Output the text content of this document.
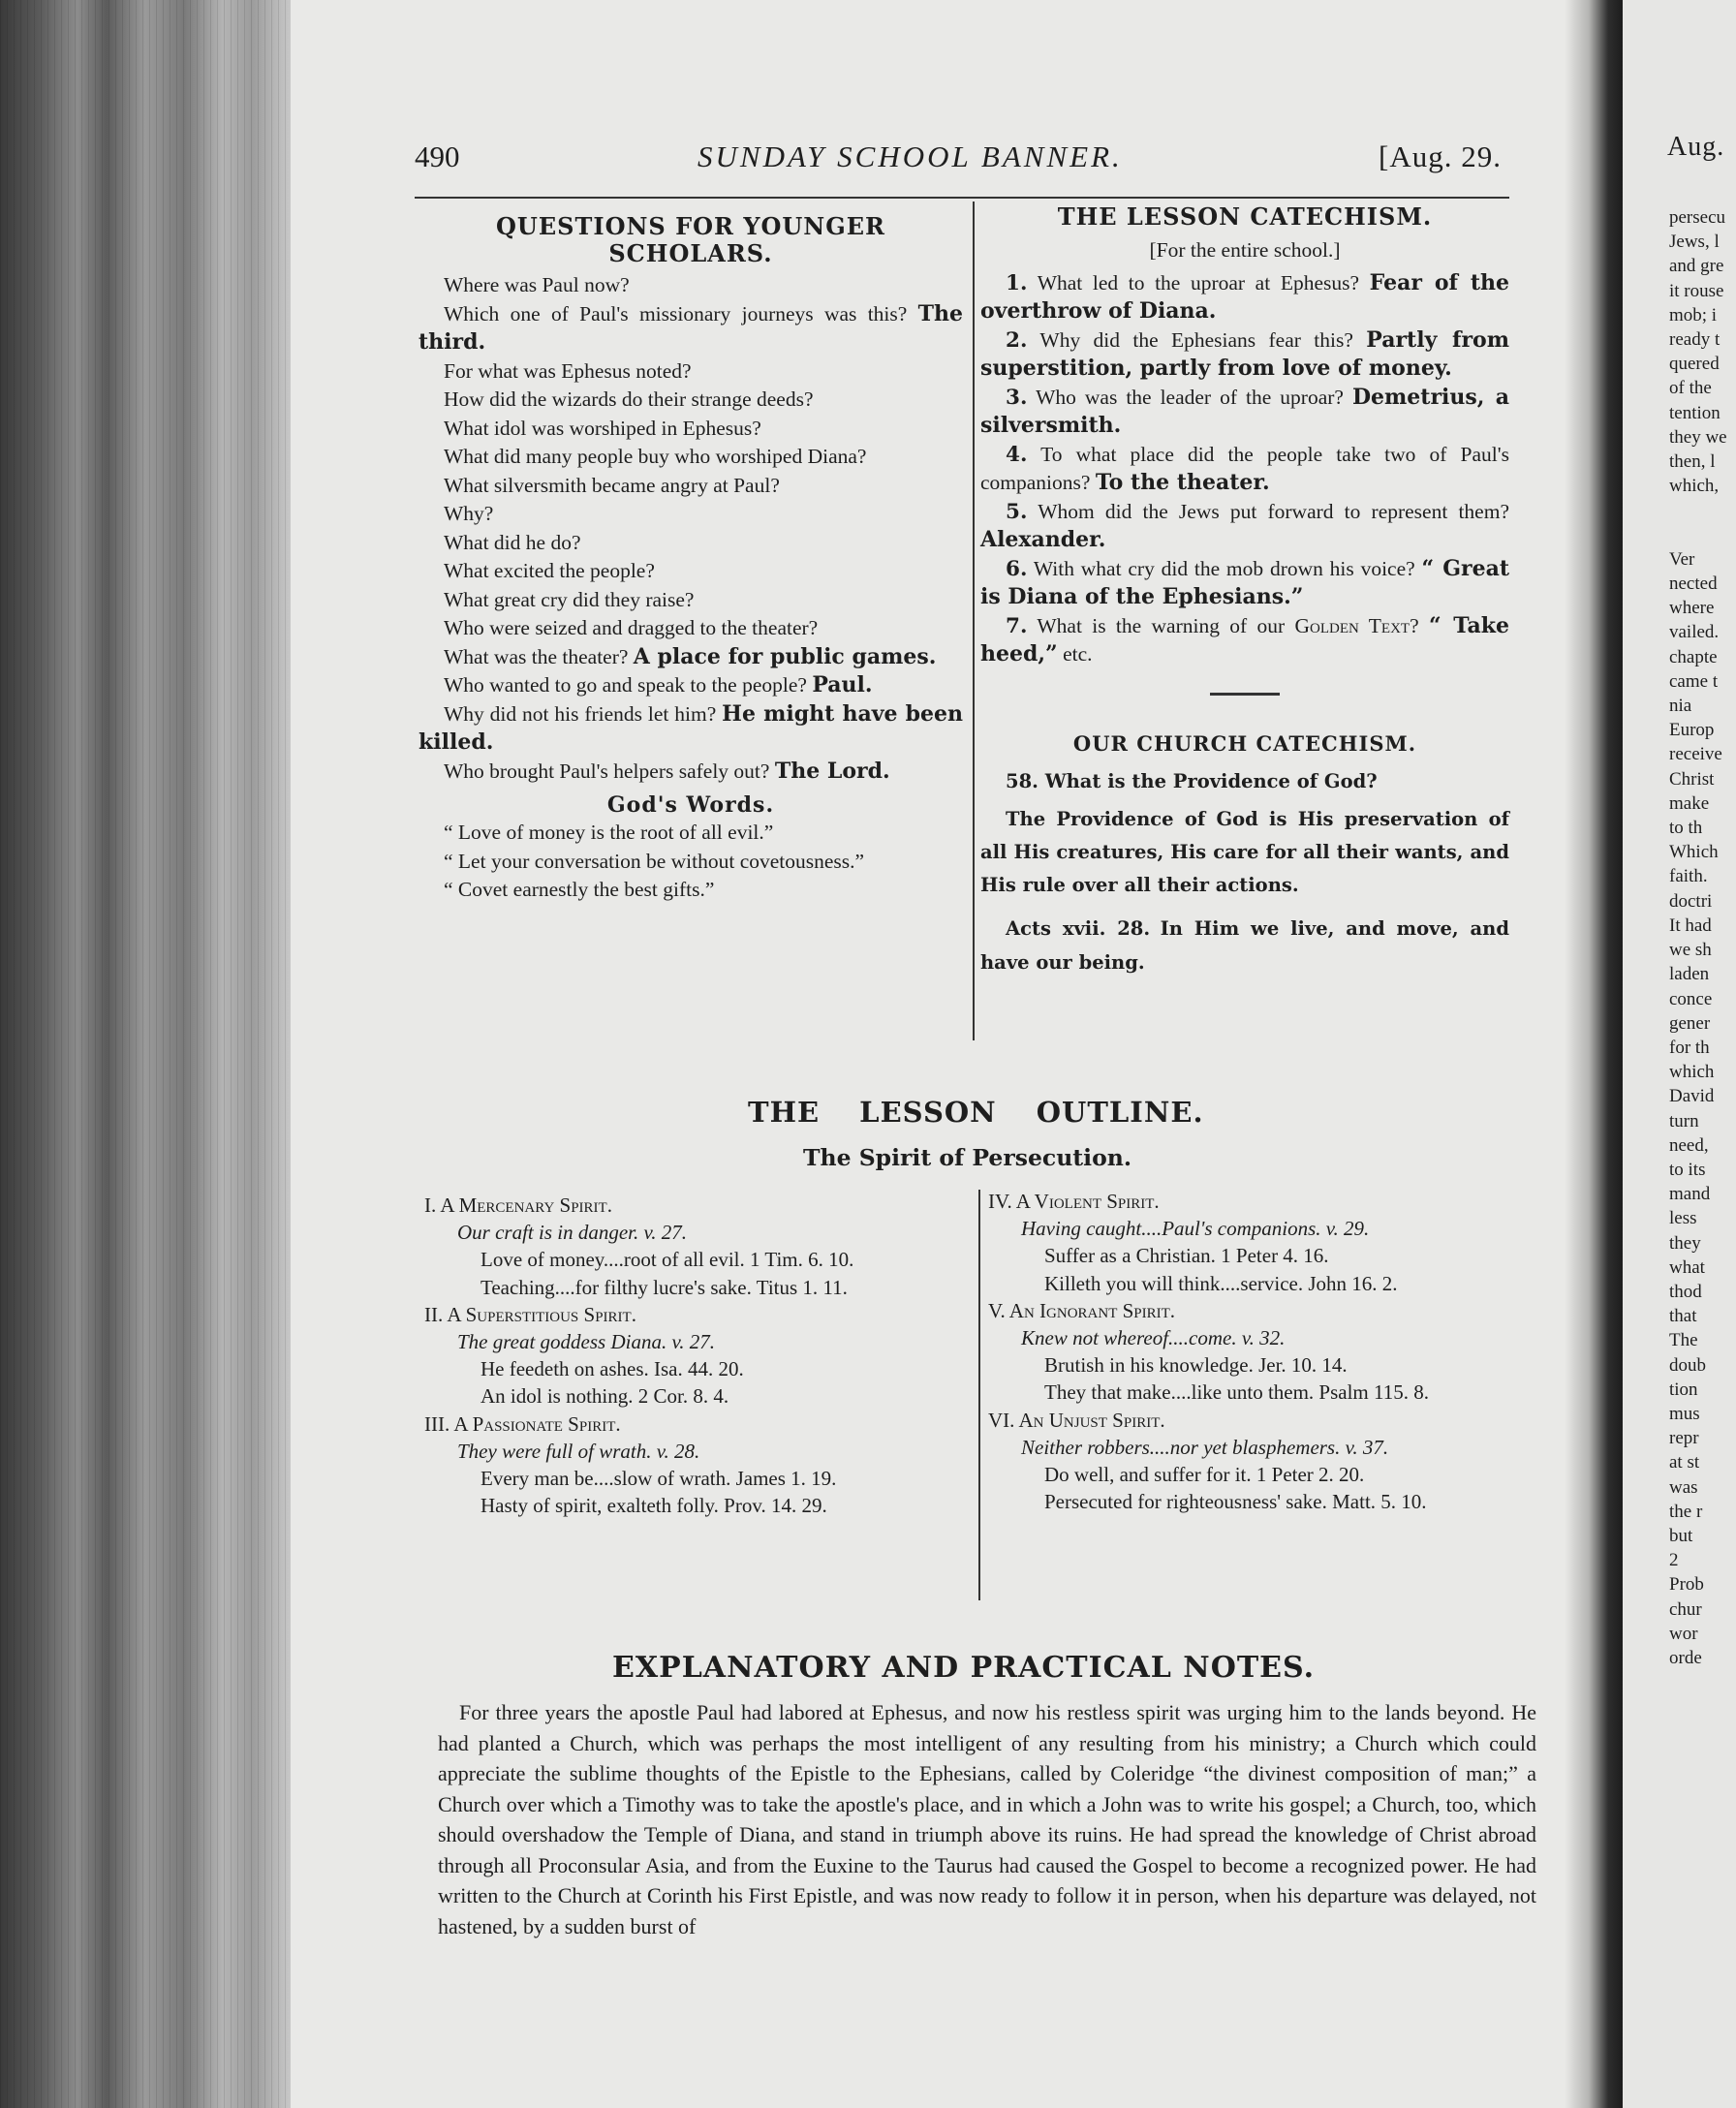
Aug.
persecu
Jews, l
and gre
it rouse
mob; i
ready t
quered
of the
tention
they we
then, l
which,

Ver
nected
where
vailed.
chapte
came t
nia
Europ
receive
Christ
make
to th
Which
faith.
doctri
It had
we sh
laden
conce
gener
for th
which
David
turn
need,
to its
mand
less
they
what
thod
that
The
doub
tion
mus
repr
at st
was
the r
but
2
Prob
chur
wor
orde
490	SUNDAY SCHOOL BANNER.	[Aug. 29.
QUESTIONS FOR YOUNGER
SCHOLARS.

Where was Paul now?

Which one of Paul's missionary journeys was this? The third.

For what was Ephesus noted?

How did the wizards do their strange deeds?

What idol was worshiped in Ephesus?

What did many people buy who worshiped Diana?

What silversmith became angry at Paul?

Why?

What did he do?

What excited the people?

What great cry did they raise?

Who were seized and dragged to the theater?

What was the theater? A place for public games.

Who wanted to go and speak to the people? Paul.

Why did not his friends let him? He might have been killed.

Who brought Paul's helpers safely out? The Lord.

God's Words.

“ Love of money is the root of all evil.”

“ Let your conversation be without covetousness.”

“ Covet earnestly the best gifts.”

THE LESSON CATECHISM.
[For the entire school.]

1. What led to the uproar at Ephesus? Fear of the overthrow of Diana.

2. Why did the Ephesians fear this? Partly from superstition, partly from love of money.

3. Who was the leader of the uproar? Demetrius, a silversmith.

4. To what place did the people take two of Paul's companions? To the theater.

5. Whom did the Jews put forward to represent them? Alexander.

6. With what cry did the mob drown his voice? “ Great is Diana of the Ephesians.”

7. What is the warning of our Golden Text? “ Take heed,” etc.

OUR CHURCH CATECHISM.

58. What is the Providence of God?

The Providence of God is His preservation of all His creatures, His care for all their wants, and His rule over all their actions.

Acts xvii. 28. In Him we live, and move, and have our being.

THE LESSON OUTLINE.
The Spirit of Persecution.
I. A Mercenary Spirit.
Our craft is in danger. v. 27.
Love of money....root of all evil. 1 Tim. 6. 10.
Teaching....for filthy lucre's sake. Titus 1. 11.
II. A Superstitious Spirit.
The great goddess Diana. v. 27.
He feedeth on ashes. Isa. 44. 20.
An idol is nothing. 2 Cor. 8. 4.
III. A Passionate Spirit.
They were full of wrath. v. 28.
Every man be....slow of wrath. James 1. 19.
Hasty of spirit, exalteth folly. Prov. 14. 29.
IV. A Violent Spirit.
Having caught....Paul's companions. v. 29.
Suffer as a Christian. 1 Peter 4. 16.
Killeth you will think....service. John 16. 2.
V. An Ignorant Spirit.
Knew not whereof....come. v. 32.
Brutish in his knowledge. Jer. 10. 14.
They that make....like unto them. Psalm 115. 8.
VI. An Unjust Spirit.
Neither robbers....nor yet blasphemers. v. 37.
Do well, and suffer for it. 1 Peter 2. 20.
Persecuted for righteousness' sake. Matt. 5. 10.
EXPLANATORY AND PRACTICAL NOTES.

For three years the apostle Paul had labored at Ephesus, and now his restless spirit was urging him to the lands beyond. He had planted a Church, which was perhaps the most intelligent of any resulting from his ministry; a Church which could appreciate the sublime thoughts of the Epistle to the Ephesians, called by Coleridge “the divinest composition of man;” a Church over which a Timothy was to take the apostle's place, and in which a John was to write his gospel; a Church, too, which should overshadow the Temple of Diana, and stand in triumph above its ruins. He had spread the knowledge of Christ abroad through all Proconsular Asia, and from the Euxine to the Taurus had caused the Gospel to become a recognized power. He had written to the Church at Corinth his First Epistle, and was now ready to follow it in person, when his departure was delayed, not hastened, by a sudden burst of
